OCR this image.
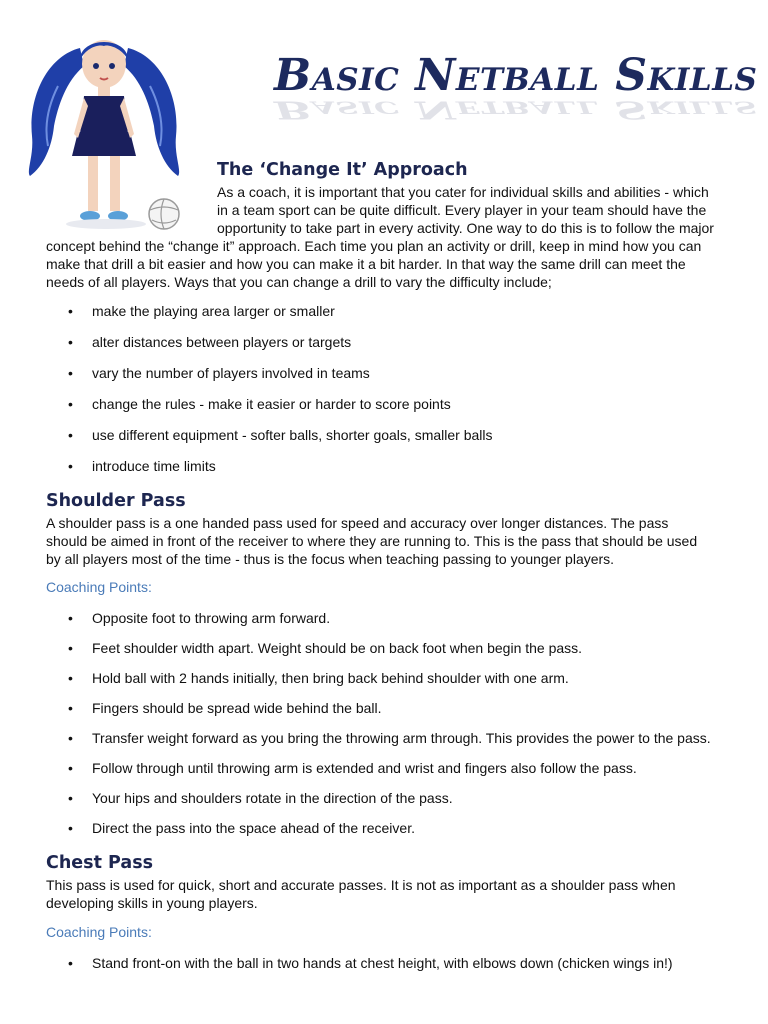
Basic Netball Skills
Basic Netball Skills
The ‘Change It’ Approach
As a coach, it is important that you cater for individual skills and abilities - which
in a team sport can be quite difficult. Every player in your team should have the
opportunity to take part in every activity. One way to do this is to follow the major
concept behind the “change it” approach. Each time you plan an activity or drill, keep in mind how you can
make that drill a bit easier and how you can make it a bit harder. In that way the same drill can meet the
needs of all players. Ways that you can change a drill to vary the difficulty include;
• make the playing area larger or smaller
• alter distances between players or targets
• vary the number of players involved in teams
• change the rules - make it easier or harder to score points
• use different equipment - softer balls, shorter goals, smaller balls
• introduce time limits
Shoulder Pass
A shoulder pass is a one handed pass used for speed and accuracy over longer distances. The pass
should be aimed in front of the receiver to where they are running to. This is the pass that should be used
by all players most of the time - thus is the focus when teaching passing to younger players.
Coaching Points:
• Opposite foot to throwing arm forward.
• Feet shoulder width apart. Weight should be on back foot when begin the pass.
• Hold ball with 2 hands initially, then bring back behind shoulder with one arm.
• Fingers should be spread wide behind the ball.
• Transfer weight forward as you bring the throwing arm through. This provides the power to the pass.
• Follow through until throwing arm is extended and wrist and fingers also follow the pass.
• Your hips and shoulders rotate in the direction of the pass.
• Direct the pass into the space ahead of the receiver.
Chest Pass
This pass is used for quick, short and accurate passes. It is not as important as a shoulder pass when
developing skills in young players.
Coaching Points:
• Stand front-on with the ball in two hands at chest height, with elbows down (chicken wings in!)
